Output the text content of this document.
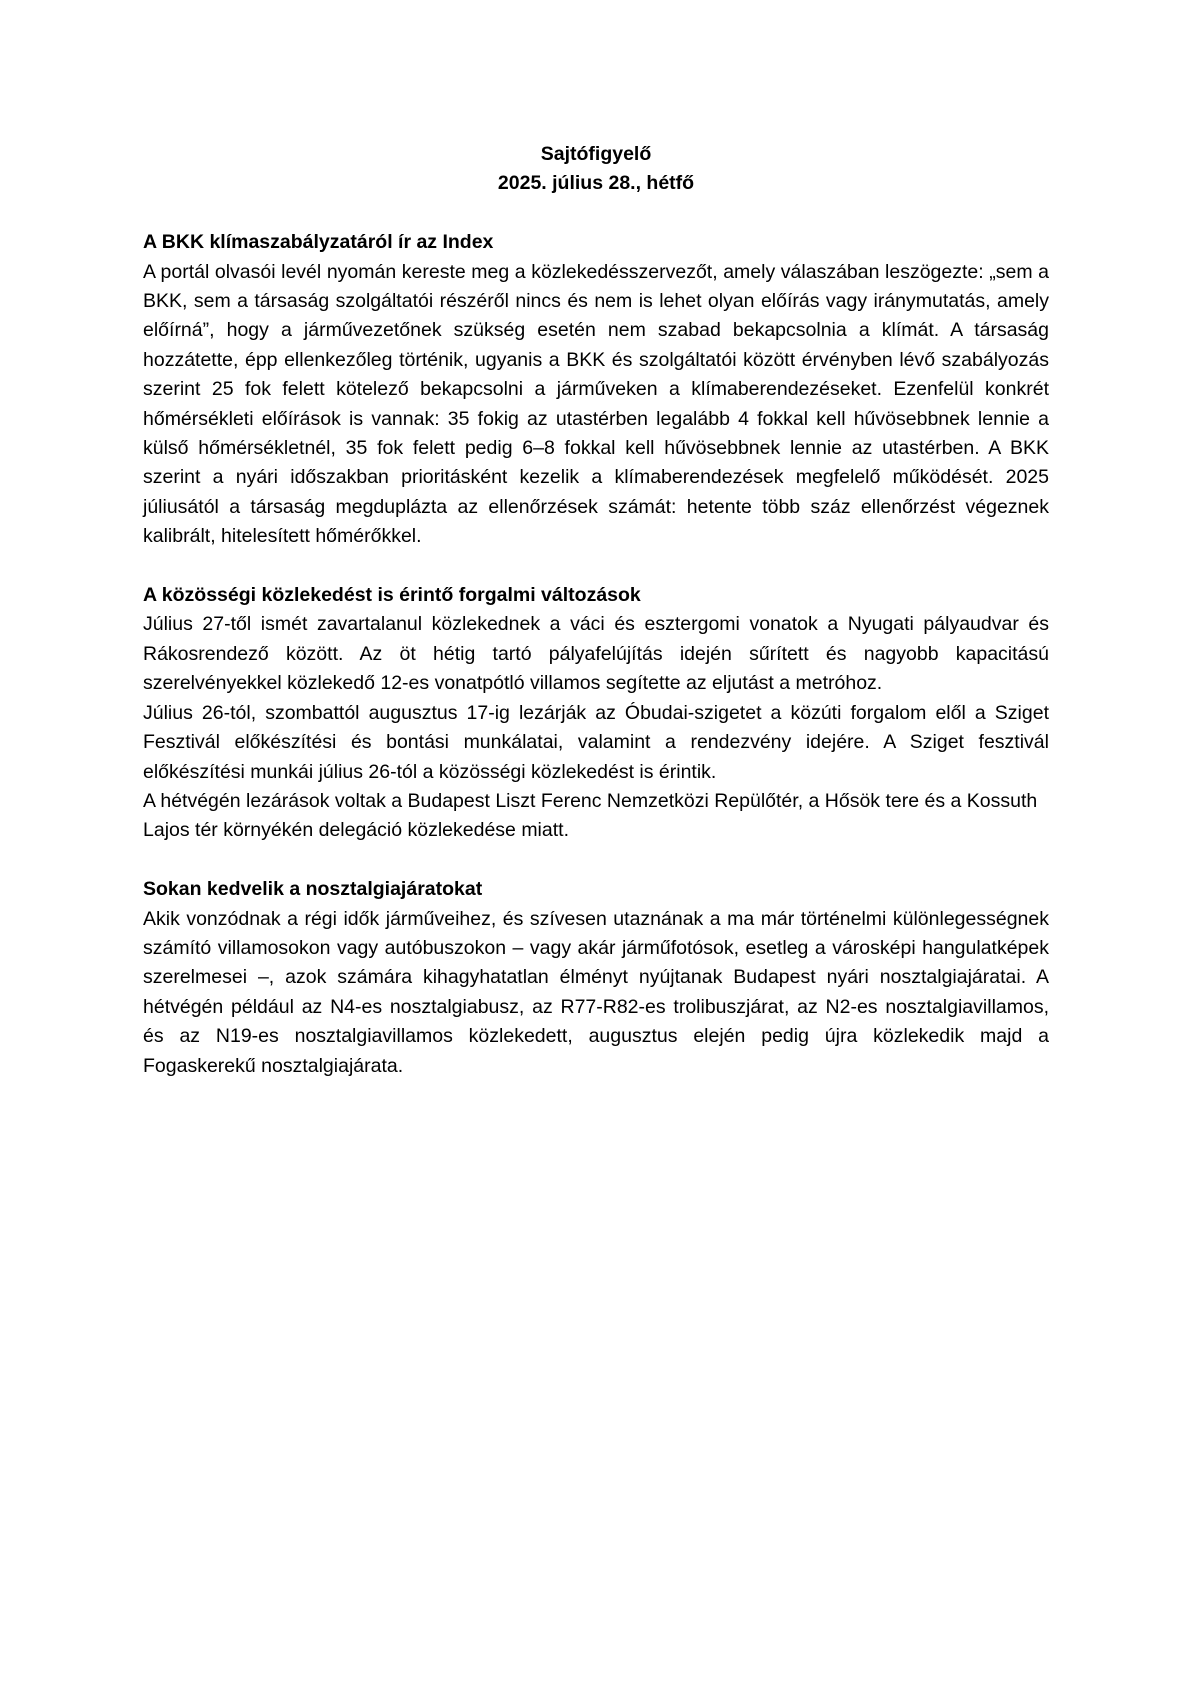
Sajtófigyelő

2025. július 28., hétfő

A BKK klímaszabályzatáról ír az Index

A portál olvasói levél nyomán kereste meg a közlekedésszervezőt, amely válaszában leszögezte: „sem a BKK, sem a társaság szolgáltatói részéről nincs és nem is lehet olyan előírás vagy iránymutatás, amely előírná”, hogy a járművezetőnek szükség esetén nem szabad bekapcsolnia a klímát. A társaság hozzátette, épp ellenkezőleg történik, ugyanis a BKK és szolgáltatói között érvényben lévő szabályozás szerint 25 fok felett kötelező bekapcsolni a járműveken a klímaberendezéseket. Ezenfelül konkrét hőmérsékleti előírások is vannak: 35 fokig az utastérben legalább 4 fokkal kell hűvösebbnek lennie a külső hőmérsékletnél, 35 fok felett pedig 6–8 fokkal kell hűvösebbnek lennie az utastérben. A BKK szerint a nyári időszakban prioritásként kezelik a klímaberendezések megfelelő működését. 2025 júliusától a társaság megduplázta az ellenőrzések számát: hetente több száz ellenőrzést végeznek kalibrált, hitelesített hőmérőkkel.

A közösségi közlekedést is érintő forgalmi változások

Július 27-től ismét zavartalanul közlekednek a váci és esztergomi vonatok a Nyugati pályaudvar és Rákosrendező között. Az öt hétig tartó pályafelújítás idején sűrített és nagyobb kapacitású szerelvényekkel közlekedő 12-es vonatpótló villamos segítette az eljutást a metróhoz.

Július 26-tól, szombattól augusztus 17-ig lezárják az Óbudai-szigetet a közúti forgalom elől a Sziget Fesztivál előkészítési és bontási munkálatai, valamint a rendezvény idejére. A Sziget fesztivál előkészítési munkái július 26-tól a közösségi közlekedést is érintik.

A hétvégén lezárások voltak a Budapest Liszt Ferenc Nemzetközi Repülőtér, a Hősök tere és a Kossuth Lajos tér környékén delegáció közlekedése miatt.

Sokan kedvelik a nosztalgiajáratokat

Akik vonzódnak a régi idők járműveihez, és szívesen utaznának a ma már történelmi különlegességnek számító villamosokon vagy autóbuszokon – vagy akár járműfotósok, esetleg a városképi hangulatképek szerelmesei –, azok számára kihagyhatatlan élményt nyújtanak Budapest nyári nosztalgiajáratai. A hétvégén például az N4-es nosztalgiabusz, az R77-R82-es trolibuszjárat, az N2-es nosztalgiavillamos, és az N19-es nosztalgiavillamos közlekedett, augusztus elején pedig újra közlekedik majd a Fogaskerekű nosztalgiajárata.
